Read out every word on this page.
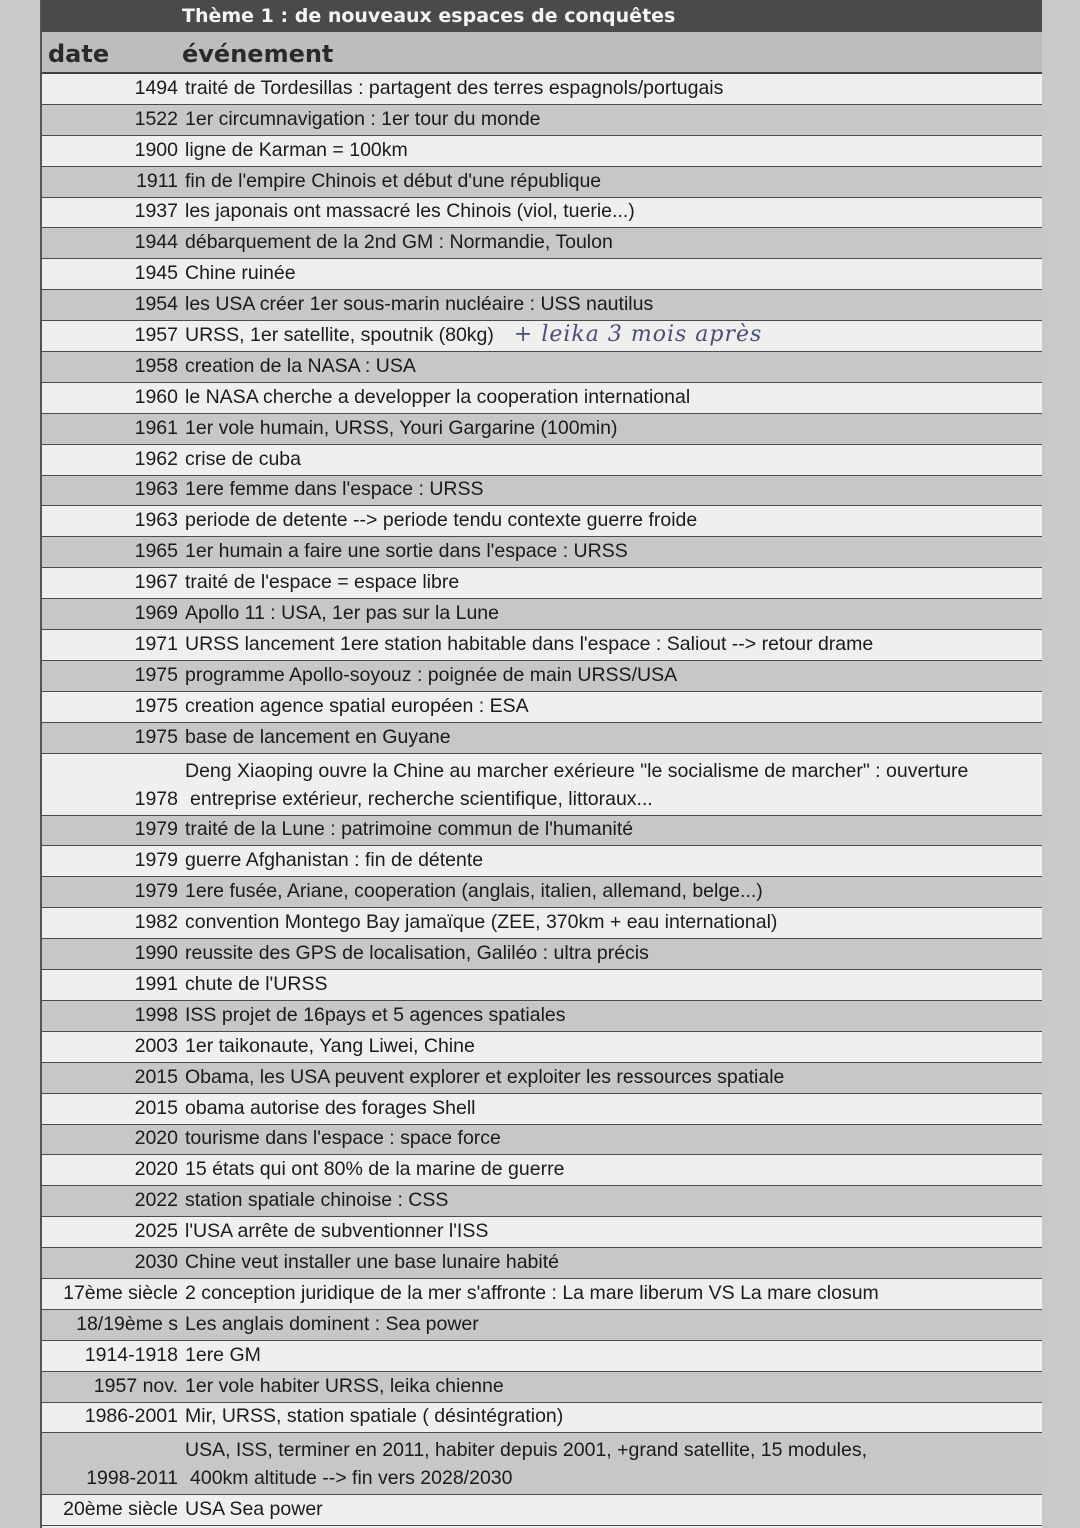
Thème 1 : de nouveaux espaces de conquêtes
date	événement
1494 traité de Tordesillas : partagent des terres espagnols/portugais
1522 1er circumnavigation : 1er tour du monde
1900 ligne de Karman = 100km
1911 fin de l'empire Chinois et début d'une république
1937 les japonais ont massacré les Chinois (viol, tuerie...)
1944 débarquement de la 2nd GM : Normandie, Toulon
1945 Chine ruinée
1954 les USA créer 1er sous-marin nucléaire : USS nautilus
1957 URSS, 1er satellite, spoutnik (80kg) + leika 3 mois après
1958 creation de la NASA : USA
1960 le NASA cherche a developper la cooperation international
1961 1er vole humain, URSS, Youri Gargarine (100min)
1962 crise de cuba
1963 1ere femme dans l'espace : URSS
1963 periode de detente --> periode tendu contexte guerre froide
1965 1er humain a faire une sortie dans l'espace : URSS
1967 traité de l'espace = espace libre
1969 Apollo 11 : USA, 1er pas sur la Lune
1971 URSS lancement 1ere station habitable dans l'espace : Saliout --> retour drame
1975 programme Apollo-soyouz : poignée de main URSS/USA
1975 creation agence spatial européen : ESA
1975 base de lancement en Guyane
1978
Deng Xiaoping ouvre la Chine au marcher exérieure "le socialisme de marcher" : ouverture
entreprise extérieur, recherche scientifique, littoraux...
1979 traité de la Lune : patrimoine commun de l'humanité
1979 guerre Afghanistan : fin de détente
1979 1ere fusée, Ariane, cooperation (anglais, italien, allemand, belge...)
1982 convention Montego Bay jamaïque (ZEE, 370km + eau international)
1990 reussite des GPS de localisation, Galiléo : ultra précis
1991 chute de l'URSS
1998 ISS projet de 16pays et 5 agences spatiales
2003 1er taikonaute, Yang Liwei, Chine
2015 Obama, les USA peuvent explorer et exploiter les ressources spatiale
2015 obama autorise des forages Shell
2020 tourisme dans l'espace : space force
2020 15 états qui ont 80% de la marine de guerre
2022 station spatiale chinoise : CSS
2025 l'USA arrête de subventionner l'ISS
2030 Chine veut installer une base lunaire habité
17ème siècle 2 conception juridique de la mer s'affronte : La mare liberum VS La mare closum
18/19ème s Les anglais dominent : Sea power
1914-1918 1ere GM
1957 nov. 1er vole habiter URSS, leika chienne
1986-2001 Mir, URSS, station spatiale ( désintégration)
1998-2011
USA, ISS, terminer en 2011, habiter depuis 2001, +grand satellite, 15 modules,
400km altitude --> fin vers 2028/2030
20ème siècle USA Sea power
